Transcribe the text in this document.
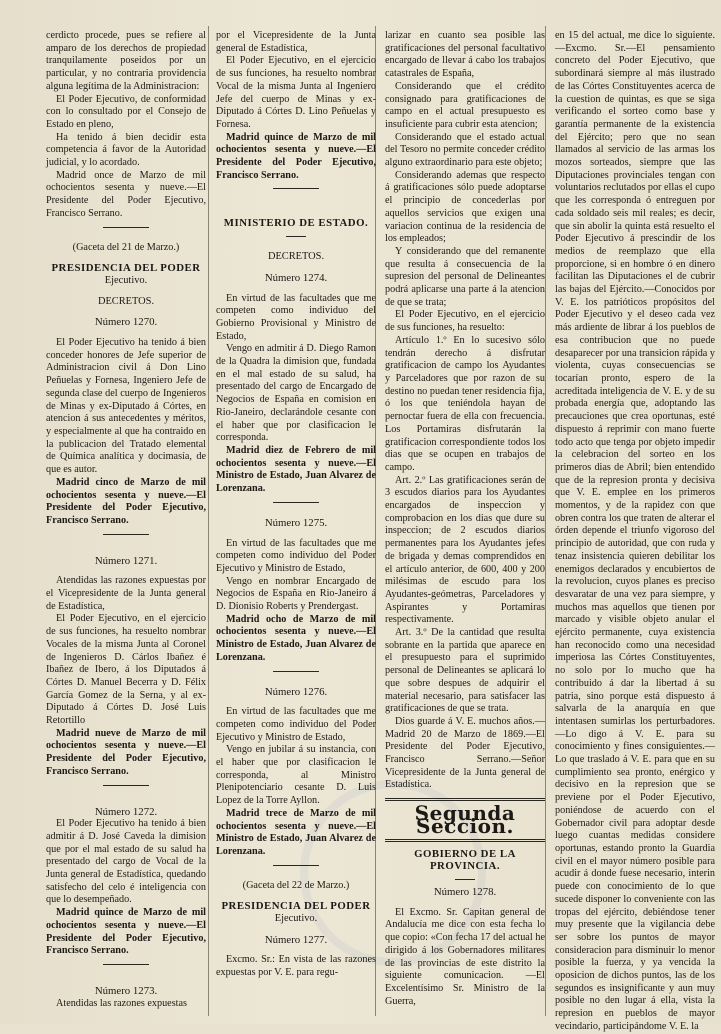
cerdicto procede, pues se refiere al amparo de los derechos de propiedad tranquilamente poseidos por un particular, y no contraria providencia alguna legítima de la Administracion:

El Poder Ejecutivo, de conformidad con lo consultado por el Consejo de Estado en pleno,

Ha tenido á bien decidir esta competencia á favor de la Autoridad judicial, y lo acordado.

Madrid once de Marzo de mil ochocientos sesenta y nueve.—El Presidente del Poder Ejecutivo, Francisco Serrano.

(Gaceta del 21 de Marzo.)

PRESIDENCIA DEL PODER
Ejecutivo.
DECRETOS.
Número 1270.

El Poder Ejecutivo ha tenido á bien conceder honores de Jefe superior de Administracion civil á Don Lino Peñuelas y Fornesa, Ingeniero Jefe de segunda clase del cuerpo de Ingenieros de Minas y ex-Diputado á Córtes, en atencion á sus antecedentes y méritos, y especialmente al que ha contraido en la publicacion del Tratado elemental de Química analítica y docimasía, de que es autor.

Madrid cinco de Marzo de mil ochocientos sesenta y nueve.—El Presidente del Poder Ejecutivo, Francisco Serrano.

Número 1271.

Atendidas las razones expuestas por el Vicepresidente de la Junta general de Estadística,

El Poder Ejecutivo, en el ejercicio de sus funciones, ha resuelto nombrar Vocales de la misma Junta al Coronel de Ingenieros D. Cárlos Ibañez é Ibañez de Ibero, á los Diputados á Córtes D. Manuel Becerra y D. Félix García Gomez de la Serna, y al ex-Diputado á Córtes D. José Luis Retortillo

Madrid nueve de Marzo de mil ochocientos sesenta y nueve.—El Presidente del Poder Ejecutivo, Francisco Serrano.

Número 1272.

El Poder Ejecutivo ha tenido á bien admitir á D. José Caveda la dimision que por el mal estado de su salud ha presentado del cargo de Vocal de la Junta general de Estadística, quedando satisfecho del celo é inteligencia con que lo desempeñado.

Madrid quince de Marzo de mil ochocientos sesenta y nueve.—El Presidente del Poder Ejecutivo, Francisco Serrano.

Número 1273.

Atendidas las razones expuestas

por el Vicepresidente de la Junta general de Estadística,

El Poder Ejecutivo, en el ejercicio de sus funciones, ha resuelto nombrar Vocal de la misma Junta al Ingeniero Jefe del cuerpo de Minas y ex-Diputado á Córtes D. Lino Peñuelas y Fornesa.

Madrid quince de Marzo de mil ochocientos sesenta y nueve.—El Presidente del Poder Ejecutivo, Francisco Serrano.

MINISTERIO DE ESTADO.
DECRETOS.
Número 1274.

En virtud de las facultades que me competen como individuo del Gobierno Provisional y Ministro de Estado,

Vengo en admitir á D. Diego Ramon de la Quadra la dimision que, fundada en el mal estado de su salud, ha presentado del cargo de Encargado de Negocios de España en comision en Rio-Janeiro, declarándole cesante con el haber que por clasificacion le corresponda.

Madrid diez de Febrero de mil ochocientos sesenta y nueve.—El Ministro de Estado, Juan Alvarez de Lorenzana.

Número 1275.

En virtud de las facultades que me competen como individuo del Poder Ejecutivo y Ministro de Estado,

Vengo en nombrar Encargado de Negocios de España en Rio-Janeiro á D. Dionisio Roberts y Prendergast.

Madrid ocho de Marzo de mil ochocientos sesenta y nueve.—El Ministro de Estado, Juan Alvarez de Lorenzana.

Número 1276.

En virtud de las facultades que me competen como individuo del Poder Ejecutivo y Ministro de Estado,

Vengo en jubilar á su instancia, con el haber que por clasificacion le corresponda, al Ministro Plenipotenciario cesante D. Luis Lopez de la Torre Ayllon.

Madrid trece de Marzo de mil ochocientos sesenta y nueve.—El Ministro de Estado, Juan Alvarez de Lorenzana.

(Gaceta del 22 de Marzo.)

PRESIDENCIA DEL PODER
Ejecutivo.
Número 1277.

Excmo. Sr.: En vista de las razones expuestas por V. E. para regu-

larizar en cuanto sea posible las gratificaciones del personal facultativo encargado de llevar á cabo los trabajos catastrales de España,

Considerando que el crédito consignado para gratificaciones de campo en el actual presupuesto es insuficiente para cubrir esta atencion;

Considerando que el estado actual del Tesoro no permite conceder crédito alguno extraordinario para este objeto;

Considerando ademas que respecto á gratificaciones sólo puede adoptarse el principio de concederlas por aquellos servicios que exigen una variacion continua de la residencia de los empleados;

Y considerando que del remanente que resulta á consecuencia de la supresion del personal de Delineantes podrá aplicarse una parte á la atencion de que se trata;

El Poder Ejecutivo, en el ejercicio de sus funciones, ha resuelto:

Artículo 1.º En lo sucesivo sólo tendrán derecho á disfrutar gratificacion de campo los Ayudantes y Parceladores que por razon de su destino no puedan tener residencia fija, ó los que teniéndola hayan de pernoctar fuera de ella con frecuencia. Los Portamiras disfrutarán la gratificacion correspondiente todos los dias que se ocupen en trabajos de campo.

Art. 2.º Las gratificaciones serán de 3 escudos diarios para los Ayudantes encargados de inspeccion y comprobacion en los dias que dure su inspeccion; de 2 escudos diarios permanentes para los Ayudantes jefes de brigada y demas comprendidos en el artículo anterior, de 600, 400 y 200 milésimas de escudo para los Ayudantes-geómetras, Parceladores y Aspirantes y Portamiras respectivamente.

Art. 3.º De la cantidad que resulta sobrante en la partida que aparece en el presupuesto para el suprimido personal de Delineantes se aplicará lo que sobre despues de adquirir el material necesario, para satisfacer las gratificaciones de que se trata.

Dios guarde á V. E. muchos años.—Madrid 20 de Marzo de 1869.—El Presidente del Poder Ejecutivo, Francisco Serrano.—Señor Vicepresidente de la Junta general de Estadística.

Segunda Seccion.
GOBIERNO DE LA PROVINCIA.
Número 1278.

El Excmo. Sr. Capitan general de Andalucía me dice con esta fecha lo que copio: «Con fecha 17 del actual he dirigido á los Gobernadores militares de las provincias de este distrito la siguiente comunicacion. —El Excelentísimo Sr. Ministro de la Guerra,

en 15 del actual, me dice lo siguiente.—Excmo. Sr.—El pensamiento concreto del Poder Ejecutivo, que subordinará siempre al más ilustrado de las Córtes Constituyentes acerca de la cuestion de quintas, es que se siga verificando el sorteo como base y garantía permanente de la existencia del Ejército; pero que no sean llamados al servicio de las armas los mozos sorteados, siempre que las Diputaciones provinciales tengan con voluntarios reclutados por ellas el cupo que les corresponda ó entreguen por cada soldado seis mil reales; es decir, que sin abolir la quinta está resuelto el Poder Ejecutivo á prescindir de los medios de reemplazo que ella proporcione, si en hombre ó en dinero facilitan las Diputaciones el de cubrir las bajas del Ejército.—Conocidos por V. E. los patrióticos propósitos del Poder Ejecutivo y el deseo cada vez más ardiente de librar á los pueblos de esa contribucion que no puede desaparecer por una transicion rápida y violenta, cuyas consecuencias se tocarían pronto, espero de la acreditada inteligencia de V. E. y de su probada energía que, adoptando las precauciones que crea oportunas, esté dispuesto á reprimir con mano fuerte todo acto que tenga por objeto impedir la celebracion del sorteo en los primeros dias de Abril; bien entendido que de la represion pronta y decisiva que V. E. emplee en los primeros momentos, y de la rapidez con que obren contra los que traten de alterar el órden depende el triunfo vigoroso del principio de autoridad, que con ruda y tenaz insistencia quieren debilitar los enemigos declarados y encubiertos de la revolucion, cuyos planes es preciso desvaratar de una vez para siempre, y muchos mas aquellos que tienen por marcado y visible objeto anular el ejército permanente, cuya existencia han reconocido como una necesidad imperiosa las Córtes Constituyentes, no solo por lo mucho que ha contribuido á dar la libertad á su patria, sino porque está dispuesto á salvarla de la anarquía en que intentasen sumirlas los perturbadores.—Lo digo á V. E. para su conocimiento y fines consiguientes.—Lo que traslado á V. E. para que en su cumplimiento sea pronto, enérgico y decisivo en la represion que se previene por el Poder Ejecutivo, poniéndose de acuerdo con el Gobernador civil para adoptar desde luego cuantas medidas considere oportunas, estando pronto la Guardia civil en el mayor número posible para acudir á donde fuese necesario, interin puede con conocimiento de lo que sucede disponer lo conveniente con las tropas del ejército, debiéndose tener muy presente que la vigilancia debe ser sobre los puntos de mayor consideracion para disminuir lo menor posible la fuerza, y ya vencida la oposicion de dichos puntos, las de los segundos es insignificante y aun muy posible no den lugar á ella, vista la represion en pueblos de mayor vecindario, participándome V. E. la
